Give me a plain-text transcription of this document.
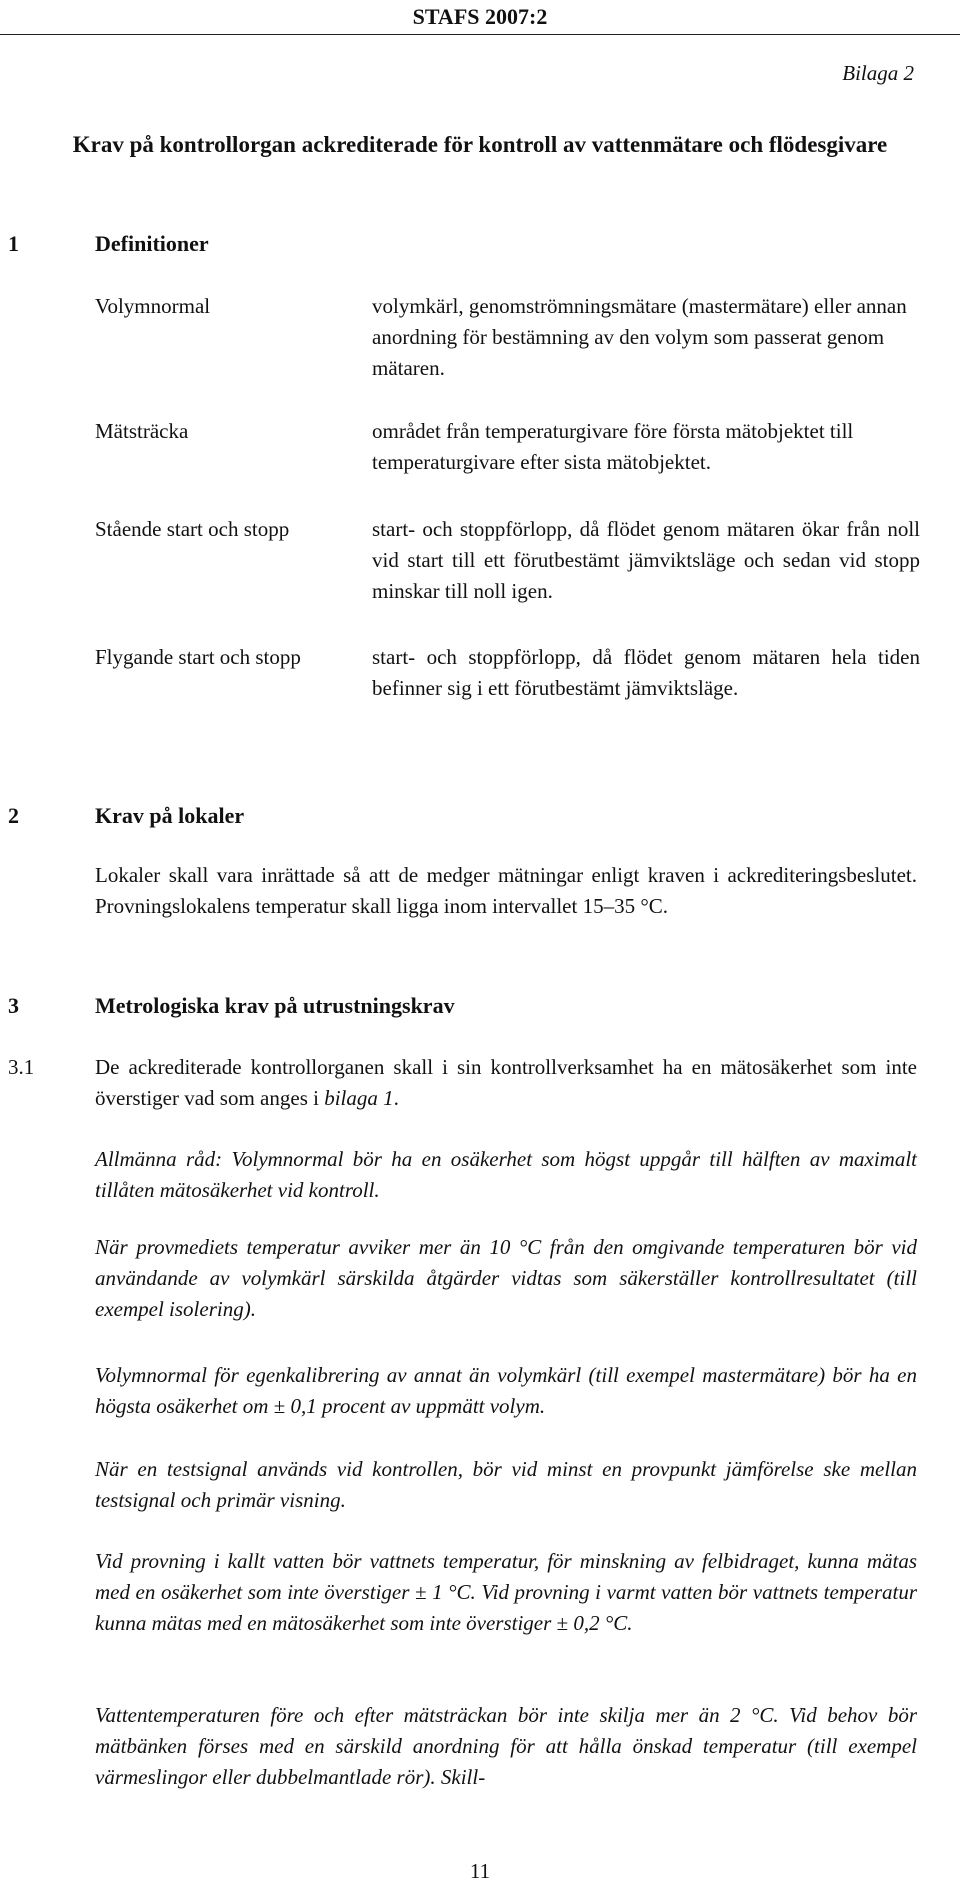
STAFS 2007:2
Bilaga 2
Krav på kontrollorgan ackrediterade för kontroll av vattenmätare och flödesgivare
1	Definitioner
Volymnormal	volymkärl, genomströmningsmätare (mastermätare) eller annan anordning för bestämning av den volym som passerat genom mätaren.
Mätsträcka	området från temperaturgivare före första mätobjektet till temperaturgivare efter sista mätobjektet.
Stående start och stopp	start- och stoppförlopp, då flödet genom mätaren ökar från noll vid start till ett förutbestämt jämviktsläge och sedan vid stopp minskar till noll igen.
Flygande start och stopp	start- och stoppförlopp, då flödet genom mätaren hela tiden befinner sig i ett förutbestämt jämviktsläge.
2	Krav på lokaler
Lokaler skall vara inrättade så att de medger mätningar enligt kraven i ackrediteringsbeslutet. Provningslokalens temperatur skall ligga inom intervallet 15–35 °C.
3	Metrologiska krav på utrustningskrav
3.1	De ackrediterade kontrollorganen skall i sin kontrollverksamhet ha en mätosäkerhet som inte överstiger vad som anges i bilaga 1.
Allmänna råd: Volymnormal bör ha en osäkerhet som högst uppgår till hälften av maximalt tillåten mätosäkerhet vid kontroll.
När provmediets temperatur avviker mer än 10 °C från den omgivande temperaturen bör vid användande av volymkärl särskilda åtgärder vidtas som säkerställer kontrollresultatet (till exempel isolering).
Volymnormal för egenkalibrering av annat än volymkärl (till exempel mastermätare) bör ha en högsta osäkerhet om ± 0,1 procent av uppmätt volym.
När en testsignal används vid kontrollen, bör vid minst en provpunkt jämförelse ske mellan testsignal och primär visning.
Vid provning i kallt vatten bör vattnets temperatur, för minskning av felbidraget, kunna mätas med en osäkerhet som inte överstiger ± 1 °C. Vid provning i varmt vatten bör vattnets temperatur kunna mätas med en mätosäkerhet som inte överstiger ± 0,2 °C.
Vattentemperaturen före och efter mätsträckan bör inte skilja mer än 2 °C. Vid behov bör mätbänken förses med en särskild anordning för att hålla önskad temperatur (till exempel värmeslingor eller dubbelmantlade rör). Skill-
11
